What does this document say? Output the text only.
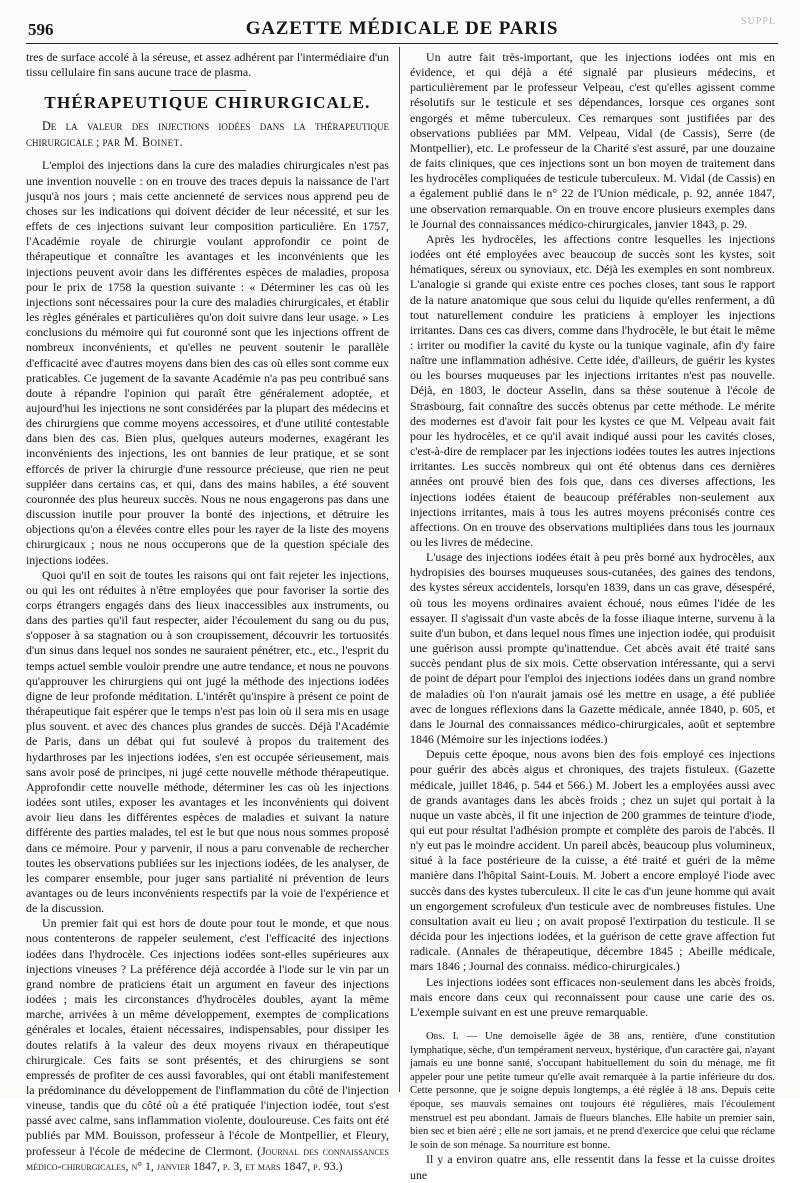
596	GAZETTE MÉDICALE DE PARIS	SUPPL

tres de surface accolé à la séreuse, et assez adhérent par l'intermédiaire d'un tissu cellulaire fin sans aucune trace de plasma.

THÉRAPEUTIQUE CHIRURGICALE.

De la valeur des injections iodées dans la thérapeutique chirurgicale ; par M. Boinet.

L'emploi des injections dans la cure des maladies chirurgicales n'est pas une invention nouvelle : on en trouve des traces depuis la naissance de l'art jusqu'à nos jours ; mais cette ancienneté de services nous apprend peu de choses sur les indications qui doivent décider de leur nécessité, et sur les effets de ces injections suivant leur composition particulière. En 1757, l'Académie royale de chirurgie voulant approfondir ce point de thérapeutique et connaître les avantages et les inconvénients que les injections peuvent avoir dans les différentes espèces de maladies, proposa pour le prix de 1758 la question suivante : « Déterminer les cas où les injections sont nécessaires pour la cure des maladies chirurgicales, et établir les règles générales et particulières qu'on doit suivre dans leur usage. » Les conclusions du mémoire qui fut couronné sont que les injections offrent de nombreux inconvénients, et qu'elles ne peuvent soutenir le parallèle d'efficacité avec d'autres moyens dans bien des cas où elles sont comme eux praticables. Ce jugement de la savante Académie n'a pas peu contribué sans doute à répandre l'opinion qui paraît être généralement adoptée, et aujourd'hui les injections ne sont considérées par la plupart des médecins et des chirurgiens que comme moyens accessoires, et d'une utilité contestable dans bien des cas. Bien plus, quelques auteurs modernes, exagérant les inconvénients des injections, les ont bannies de leur pratique, et se sont efforcés de priver la chirurgie d'une ressource précieuse, que rien ne peut suppléer dans certains cas, et qui, dans des mains habiles, a été souvent couronnée des plus heureux succès. Nous ne nous engagerons pas dans une discussion inutile pour prouver la bonté des injections, et détruire les objections qu'on a élevées contre elles pour les rayer de la liste des moyens chirurgicaux ; nous ne nous occuperons que de la question spéciale des injections iodées.

Quoi qu'il en soit de toutes les raisons qui ont fait rejeter les injections, ou qui les ont réduites à n'être employées que pour favoriser la sortie des corps étrangers engagés dans des lieux inaccessibles aux instruments, ou dans des parties qu'il faut respecter, aider l'écoulement du sang ou du pus, s'opposer à sa stagnation ou à son croupissement, découvrir les tortuosités d'un sinus dans lequel nos sondes ne sauraient pénétrer, etc., etc., l'esprit du temps actuel semble vouloir prendre une autre tendance, et nous ne pouvons qu'approuver les chirurgiens qui ont jugé la méthode des injections iodées digne de leur profonde méditation. L'intérêt qu'inspire à présent ce point de thérapeutique fait espérer que le temps n'est pas loin où il sera mis en usage plus souvent. et avec des chances plus grandes de succès. Déjà l'Académie de Paris, dans un débat qui fut soulevé à propos du traitement des hydarthroses par les injections iodées, s'en est occupée sérieusement, mais sans avoir posé de principes, ni jugé cette nouvelle méthode thérapeutique. Approfondir cette nouvelle méthode, déterminer les cas où les injections iodées sont utiles, exposer les avantages et les inconvénients qui doivent avoir lieu dans les différentes espèces de maladies et suivant la nature différente des parties malades, tel est le but que nous nous sommes proposé dans ce mémoire. Pour y parvenir, il nous a paru convenable de rechercher toutes les observations publiées sur les injections iodées, de les analyser, de les comparer ensemble, pour juger sans partialité ni prévention de leurs avantages ou de leurs inconvénients respectifs par la voie de l'expérience et de la discussion.

Un premier fait qui est hors de doute pour tout le monde, et que nous nous contenterons de rappeler seulement, c'est l'efficacité des injections iodées dans l'hydrocèle. Ces injections iodées sont-elles supérieures aux injections vineuses ? La préférence déjà accordée à l'iode sur le vin par un grand nombre de praticiens était un argument en faveur des injections iodées ; mais les circonstances d'hydrocèles doubles, ayant la même marche, arrivées à un même développement, exemptes de complications générales et locales, étaient nécessaires, indispensables, pour dissiper les doutes relatifs à la valeur des deux moyens rivaux en thérapeutique chirurgicale. Ces faits se sont présentés, et des chirurgiens se sont empressés de profiter de ces aussi favorables, qui ont établi manifestement la prédominance du développement de l'inflammation du côté de l'injection vineuse, tandis que du côté où a été pratiquée l'injection iodée, tout s'est passé avec calme, sans inflammation violente, douloureuse. Ces faits ont été publiés par MM. Bouisson, professeur à l'école de Montpellier, et Fleury, professeur à l'école de médecine de Clermont. (Journal des connaissances médico-chirurgicales, n° 1, janvier 1847, p. 3, et mars 1847, p. 93.)

Un autre fait très-important, que les injections iodées ont mis en évidence, et qui déjà a été signalé par plusieurs médecins, et particulièrement par le professeur Velpeau, c'est qu'elles agissent comme résolutifs sur le testicule et ses dépendances, lorsque ces organes sont engorgés et même tuberculeux. Ces remarques sont justifiées par des observations publiées par MM. Velpeau, Vidal (de Cassis), Serre (de Montpellier), etc. Le professeur de la Charité s'est assuré, par une douzaine de faits cliniques, que ces injections sont un bon moyen de traitement dans les hydrocèles compliquées de testicule tuberculeux. M. Vidal (de Cassis) en a également publié dans le n° 22 de l'Union médicale, p. 92, année 1847, une observation remarquable. On en trouve encore plusieurs exemples dans le Journal des connaissances médico-chirurgicales, janvier 1843, p. 29.

Après les hydrocèles, les affections contre lesquelles les injections iodées ont été employées avec beaucoup de succès sont les kystes, soit hématiques, séreux ou synoviaux, etc. Déjà les exemples en sont nombreux. L'analogie si grande qui existe entre ces poches closes, tant sous le rapport de la nature anatomique que sous celui du liquide qu'elles renferment, a dû tout naturellement conduire les praticiens à employer les injections irritantes. Dans ces cas divers, comme dans l'hydrocèle, le but était le même : irriter ou modifier la cavité du kyste ou la tunique vaginale, afin d'y faire naître une inflammation adhésive. Cette idée, d'ailleurs, de guérir les kystes ou les bourses muqueuses par les injections irritantes n'est pas nouvelle. Déjà, en 1803, le docteur Asselin, dans sa thèse soutenue à l'école de Strasbourg, fait connaître des succès obtenus par cette méthode. Le mérite des modernes est d'avoir fait pour les kystes ce que M. Velpeau avait fait pour les hydrocèles, et ce qu'il avait indiqué aussi pour les cavités closes, c'est-à-dire de remplacer par les injections iodées toutes les autres injections irritantes. Les succès nombreux qui ont été obtenus dans ces dernières années ont prouvé bien des fois que, dans ces diverses affections, les injections iodées étaient de beaucoup préférables non-seulement aux injections irritantes, mais à tous les autres moyens préconisés contre ces affections. On en trouve des observations multipliées dans tous les journaux ou les livres de médecine.

L'usage des injections iodées était à peu près borné aux hydrocèles, aux hydropisies des bourses muqueuses sous-cutanées, des gaines des tendons, des kystes séreux accidentels, lorsqu'en 1839, dans un cas grave, désespéré, où tous les moyens ordinaires avaient échoué, nous eûmes l'idée de les essayer. Il s'agissait d'un vaste abcès de la fosse iliaque interne, survenu à la suite d'un bubon, et dans lequel nous fîmes une injection iodée, qui produisit une guérison aussi prompte qu'inattendue. Cet abcès avait été traité sans succès pendant plus de six mois. Cette observation intéressante, qui a servi de point de départ pour l'emploi des injections iodées dans un grand nombre de maladies où l'on n'aurait jamais osé les mettre en usage, a été publiée avec de longues réflexions dans la Gazette médicale, année 1840, p. 605, et dans le Journal des connaissances médico-chirurgicales, août et septembre 1846 (Mémoire sur les injections iodées.)

Depuis cette époque, nous avons bien des fois employé ces injections pour guérir des abcès aigus et chroniques, des trajets fistuleux. (Gazette médicale, juillet 1846, p. 544 et 566.) M. Jobert les a employées aussi avec de grands avantages dans les abcès froids ; chez un sujet qui portait à la nuque un vaste abcès, il fit une injection de 200 grammes de teinture d'iode, qui eut pour résultat l'adhésion prompte et complète des parois de l'abcès. Il n'y eut pas le moindre accident. Un pareil abcès, beaucoup plus volumineux, situé à la face postérieure de la cuisse, a été traité et guéri de la même manière dans l'hôpital Saint-Louis. M. Jobert a encore employé l'iode avec succès dans des kystes tuberculeux. Il cite le cas d'un jeune homme qui avait un engorgement scrofuleux d'un testicule avec de nombreuses fistules. Une consultation avait eu lieu ; on avait proposé l'extirpation du testicule. Il se décida pour les injections iodées, et la guérison de cette grave affection fut radicale. (Annales de thérapeutique, décembre 1845 ; Abeille médicale, mars 1846 ; Journal des connaiss. médico-chirurgicales.)

Les injections iodées sont efficaces non-seulement dans les abcès froids, mais encore dans ceux qui reconnaissent pour cause une carie des os. L'exemple suivant en est une preuve remarquable.

Obs. I. — Une demoiselle âgée de 38 ans, rentière, d'une constitution lymphatique, sèche, d'un tempérament nerveux, hystérique, d'un caractère gai, n'ayant jamais eu une bonne santé, s'occupant habituellement du soin du ménage, me fit appeler pour une petite tumeur qu'elle avait remarquée à la partie inférieure du dos. Cette personne, que je soigne depuis longtemps, a été réglée à 18 ans. Depuis cette époque, ses mauvais semaines ont toujours été régulières, mais l'écoulement menstruel est peu abondant. Jamais de flueurs blanches. Elle habite un premier sain, bien sec et bien aéré ; elle ne sort jamais, et ne prend d'exercice que celui que réclame le soin de son ménage. Sa nourriture est bonne.

Il y a environ quatre ans, elle ressentit dans la fesse et la cuisse droites une
